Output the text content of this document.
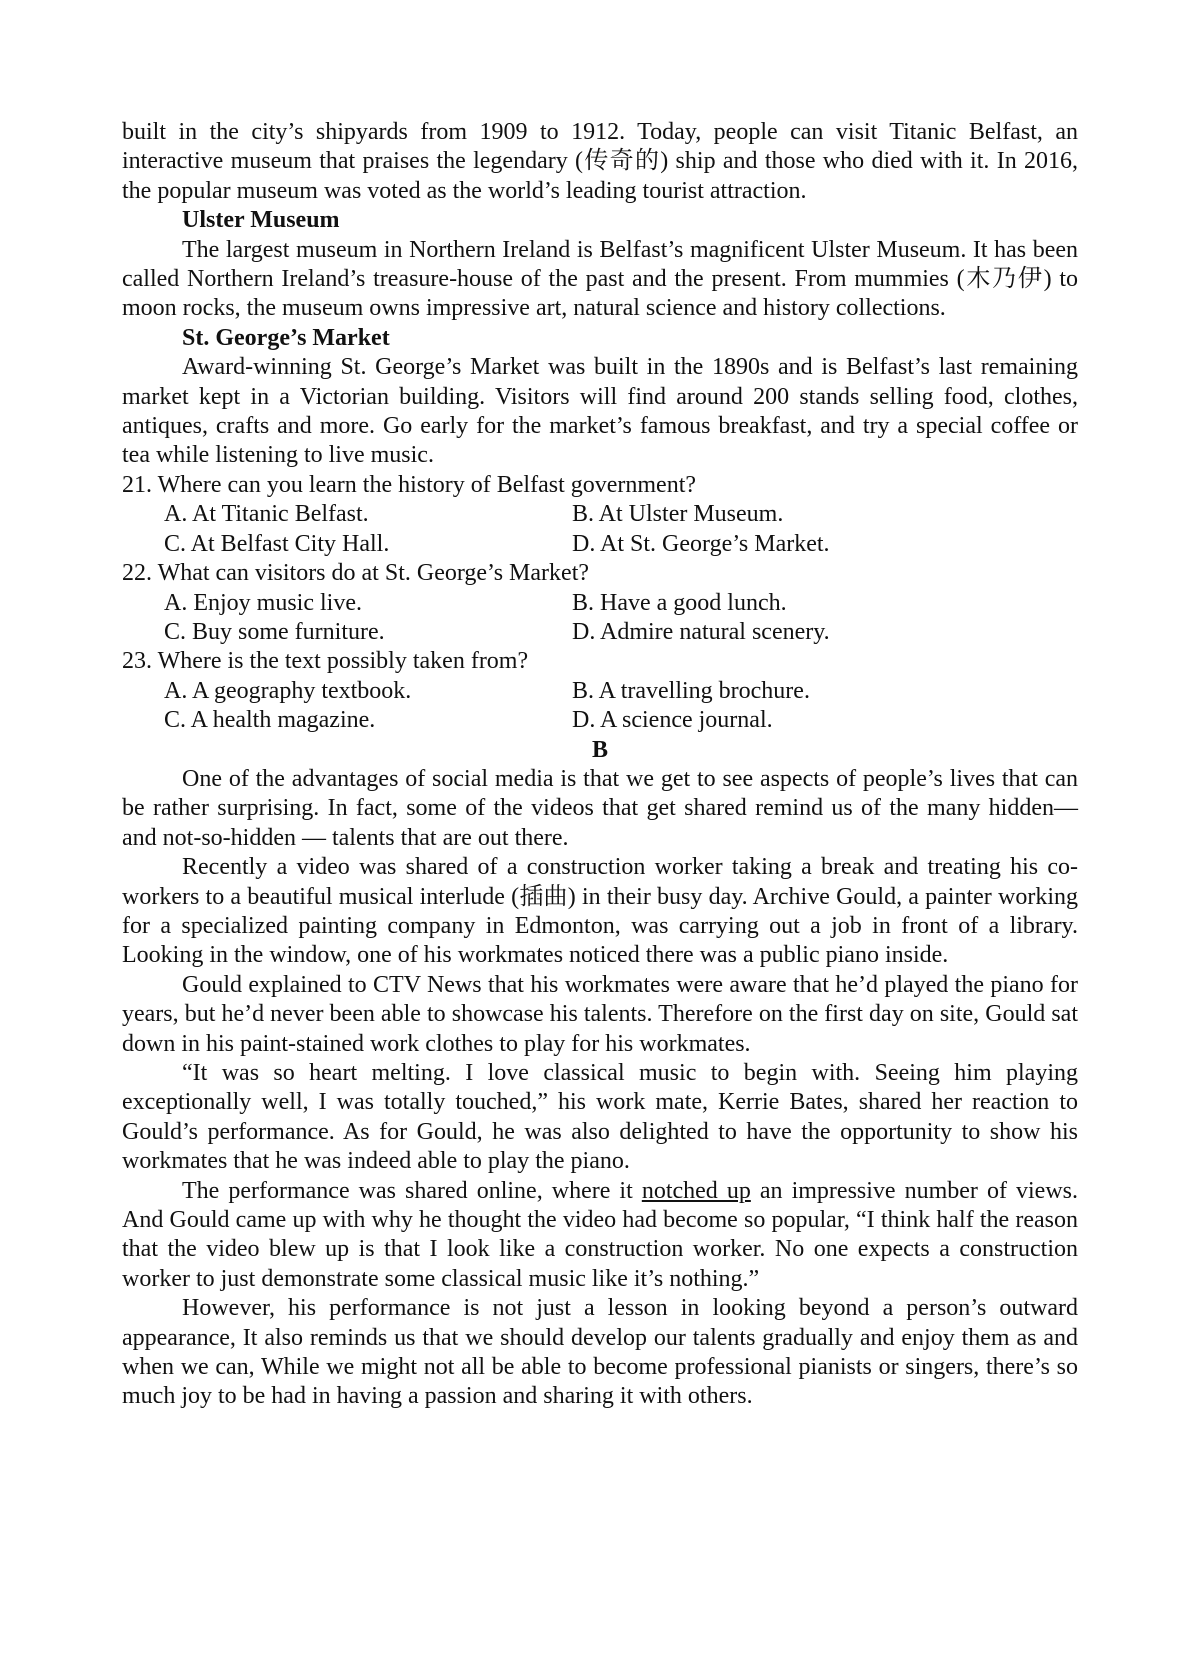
built in the city’s shipyards from 1909 to 1912. Today, people can visit Titanic Belfast, an interactive museum that praises the legendary (传奇的) ship and those who died with it. In 2016, the popular museum was voted as the world’s leading tourist attraction.

Ulster Museum

The largest museum in Northern Ireland is Belfast’s magnificent Ulster Museum. It has been called Northern Ireland’s treasure-house of the past and the present. From mummies (木乃伊) to moon rocks, the museum owns impressive art, natural science and history collections.

St. George’s Market

Award-winning St. George’s Market was built in the 1890s and is Belfast’s last remaining market kept in a Victorian building. Visitors will find around 200 stands selling food, clothes, antiques, crafts and more. Go early for the market’s famous breakfast, and try a special coffee or tea while listening to live music.

21. Where can you learn the history of Belfast government?

A. At Titanic Belfast.	B. At Ulster Museum.
C. At Belfast City Hall.	D. At St. George’s Market.

22. What can visitors do at St. George’s Market?

A. Enjoy music live.	B. Have a good lunch.
C. Buy some furniture.	D. Admire natural scenery.

23. Where is the text possibly taken from?

A. A geography textbook.	B. A travelling brochure.
C. A health magazine.	D. A science journal.

B

One of the advantages of social media is that we get to see aspects of people’s lives that can be rather surprising. In fact, some of the videos that get shared remind us of the many hidden— and not-so-hidden — talents that are out there.

Recently a video was shared of a construction worker taking a break and treating his co-workers to a beautiful musical interlude (插曲) in their busy day. Archive Gould, a painter working for a specialized painting company in Edmonton, was carrying out a job in front of a library. Looking in the window, one of his workmates noticed there was a public piano inside.

Gould explained to CTV News that his workmates were aware that he’d played the piano for years, but he’d never been able to showcase his talents. Therefore on the first day on site, Gould sat down in his paint-stained work clothes to play for his workmates.

“It was so heart melting. I love classical music to begin with. Seeing him playing exceptionally well, I was totally touched,” his work mate, Kerrie Bates, shared her reaction to Gould’s performance. As for Gould, he was also delighted to have the opportunity to show his workmates that he was indeed able to play the piano.

The performance was shared online, where it notched up an impressive number of views. And Gould came up with why he thought the video had become so popular, “I think half the reason that the video blew up is that I look like a construction worker. No one expects a construction worker to just demonstrate some classical music like it’s nothing.”

However, his performance is not just a lesson in looking beyond a person’s outward appearance, It also reminds us that we should develop our talents gradually and enjoy them as and when we can, While we might not all be able to become professional pianists or singers, there’s so much joy to be had in having a passion and sharing it with others.
